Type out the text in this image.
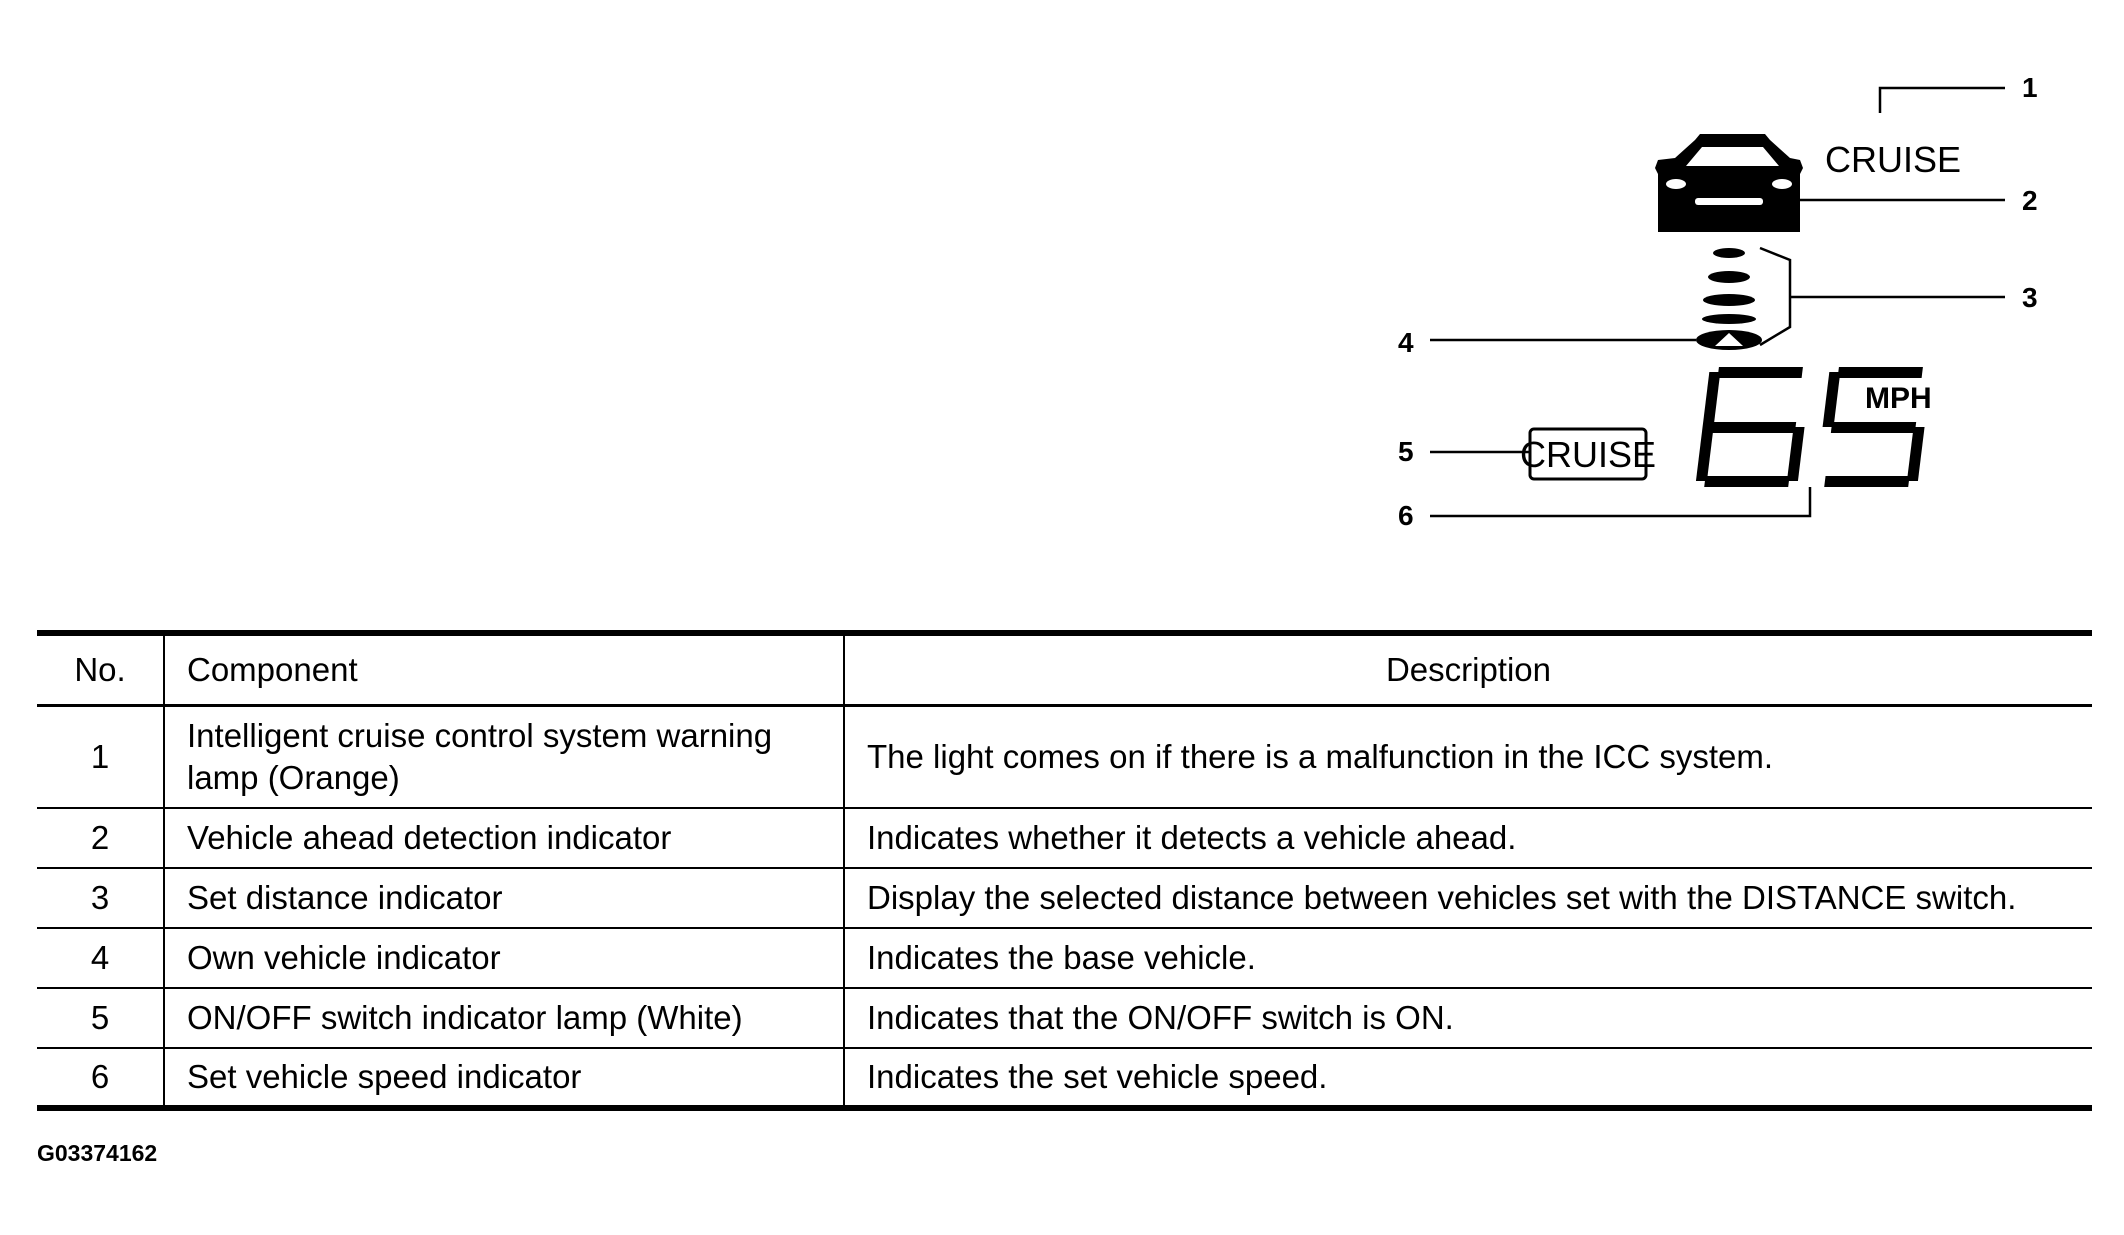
1
CRUISE
2
3
4
CRUISE
5
MPH
6
No.	Component	Description
1	Intelligent cruise control system warning lamp (Orange)	The light comes on if there is a malfunction in the ICC system.
2	Vehicle ahead detection indicator	Indicates whether it detects a vehicle ahead.
3	Set distance indicator	Display the selected distance between vehicles set with the DISTANCE switch.
4	Own vehicle indicator	Indicates the base vehicle.
5	ON/OFF switch indicator lamp (White)	Indicates that the ON/OFF switch is ON.
6	Set vehicle speed indicator	Indicates the set vehicle speed.
G03374162
